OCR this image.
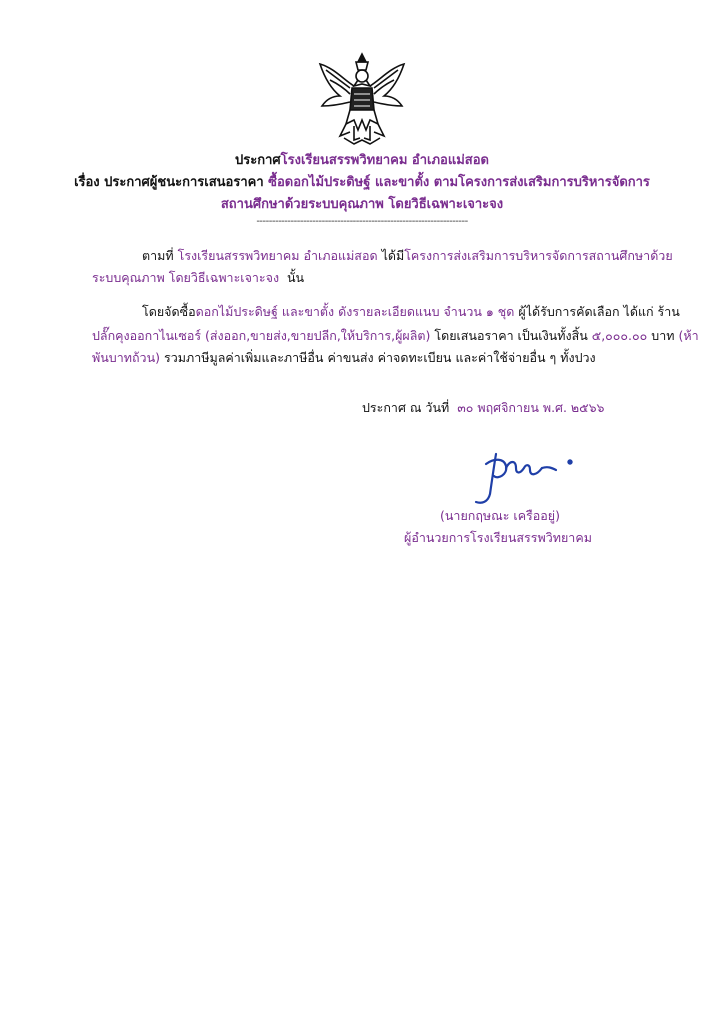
ประกาศโรงเรียนสรรพวิทยาคม อำเภอแม่สอด
เรื่อง ประกาศผู้ชนะการเสนอราคา ซื้อดอกไม้ประดิษฐ์ และขาตั้ง ตามโครงการส่งเสริมการบริหารจัดการ
สถานศึกษาด้วยระบบคุณภาพ โดยวิธีเฉพาะเจาะจง
--------------------------------------------------------------------
ตามที่ โรงเรียนสรรพวิทยาคม อำเภอแม่สอด ได้มีโครงการส่งเสริมการบริหารจัดการสถานศึกษาด้วย
ระบบคุณภาพ โดยวิธีเฉพาะเจาะจง นั้น
โดยจัดซื้อดอกไม้ประดิษฐ์ และขาตั้ง ดังรายละเอียดแนบ จำนวน ๑ ชุด ผู้ได้รับการคัดเลือก ได้แก่ ร้าน
ปลั๊กคุงออกาไนเซอร์ (ส่งออก,ขายส่ง,ขายปลีก,ให้บริการ,ผู้ผลิต) โดยเสนอราคา เป็นเงินทั้งสิ้น ๕,๐๐๐.๐๐ บาท (ห้า
พันบาทถ้วน) รวมภาษีมูลค่าเพิ่มและภาษีอื่น ค่าขนส่ง ค่าจดทะเบียน และค่าใช้จ่ายอื่น ๆ ทั้งปวง
ประกาศ ณ วันที่ ๓๐ พฤศจิกายน พ.ศ. ๒๕๖๖
(นายกฤษณะ เครืออยู่)
ผู้อำนวยการโรงเรียนสรรพวิทยาคม
